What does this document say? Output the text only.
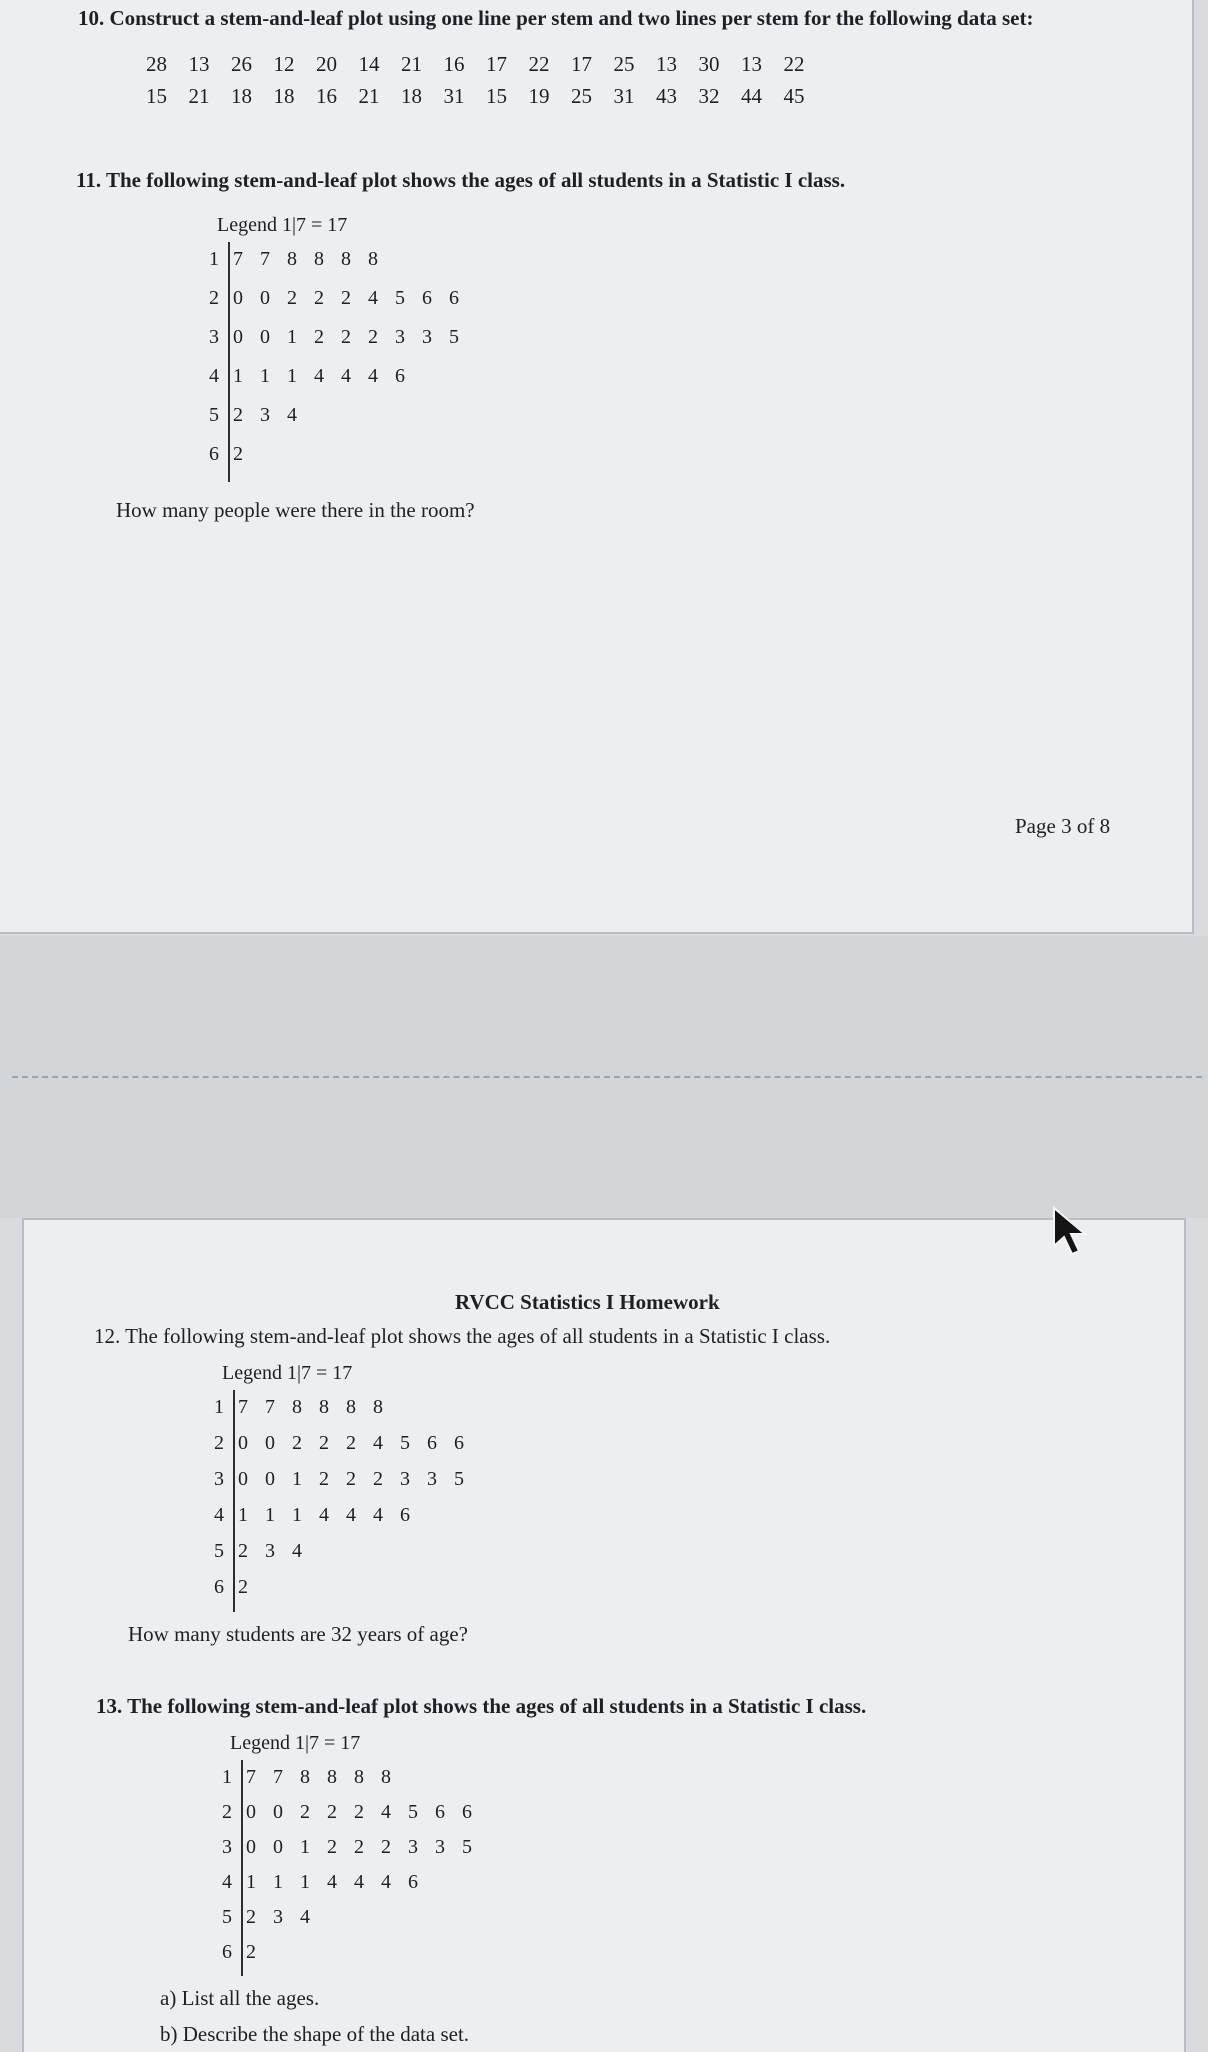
10. Construct a stem-and-leaf plot using one line per stem and two lines per stem for the following data set:
28 13 26 12 20 14 21 16 17 22 17 25 13 30 13 22
15 21 18 18 16 21 18 31 15 19 25 31 43 32 44 45
11. The following stem-and-leaf plot shows the ages of all students in a Statistic I class.
Legend 1|7 = 17
1 7 7 8 8 8 8
2 0 0 2 2 2 4 5 6 6
3 0 0 1 2 2 2 3 3 5
4 1 1 1 4 4 4 6
5 2 3 4
6 2
How many people were there in the room?
Page 3 of 8
RVCC Statistics I Homework
12. The following stem-and-leaf plot shows the ages of all students in a Statistic I class.
Legend 1|7 = 17
1 7 7 8 8 8 8
2 0 0 2 2 2 4 5 6 6
3 0 0 1 2 2 2 3 3 5
4 1 1 1 4 4 4 6
5 2 3 4
6 2
How many students are 32 years of age?
13. The following stem-and-leaf plot shows the ages of all students in a Statistic I class.
Legend 1|7 = 17
1 7 7 8 8 8 8
2 0 0 2 2 2 4 5 6 6
3 0 0 1 2 2 2 3 3 5
4 1 1 1 4 4 4 6
5 2 3 4
6 2
a) List all the ages.
b) Describe the shape of the data set.
